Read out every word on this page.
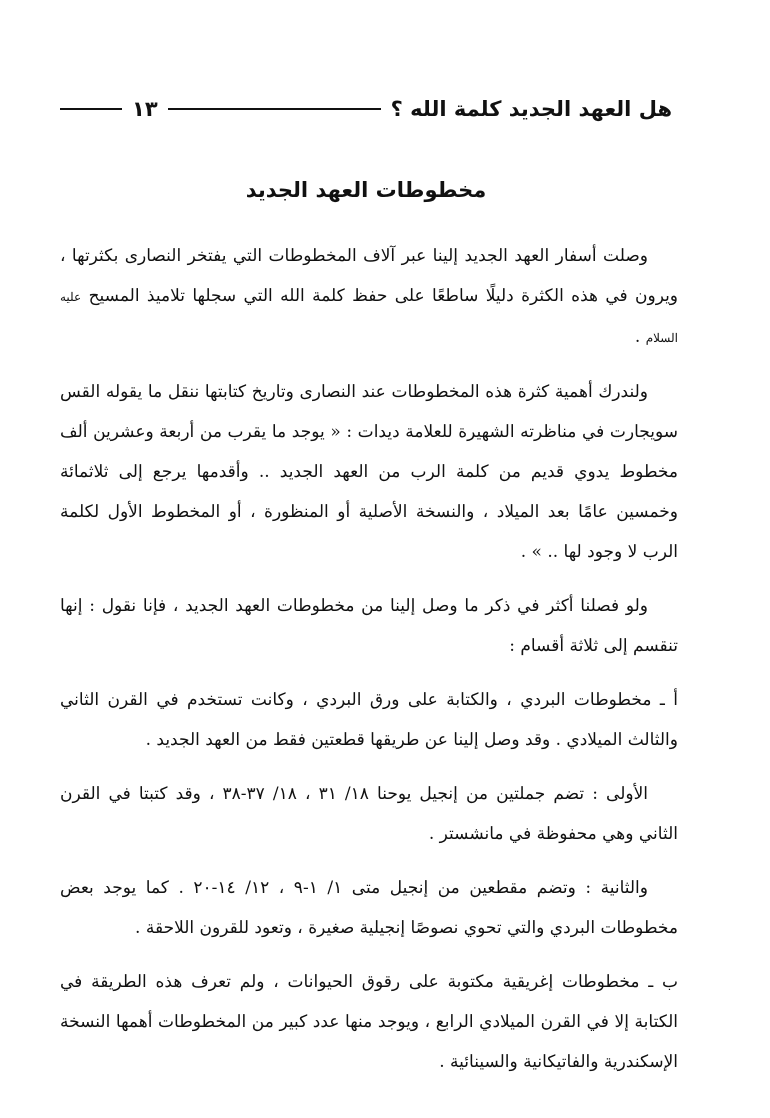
هل العهد الجديد كلمة الله ؟
١٣
مخطوطات العهد الجديد

وصلت أسفار العهد الجديد إلينا عبر آلاف المخطوطات التي يفتخر النصارى بكثرتها ، ويرون في هذه الكثرة دليلًا ساطعًا على حفظ كلمة الله التي سجلها تلاميذ المسيح عليه السلام .

ولندرك أهمية كثرة هذه المخطوطات عند النصارى وتاريخ كتابتها ننقل ما يقوله القس سويجارت في مناظرته الشهيرة للعلامة ديدات : « يوجد ما يقرب من أربعة وعشرين ألف مخطوط يدوي قديم من كلمة الرب من العهد الجديد .. وأقدمها يرجع إلى ثلاثمائة وخمسين عامًا بعد الميلاد ، والنسخة الأصلية أو المنظورة ، أو المخطوط الأول لكلمة الرب لا وجود لها .. » .

ولو فصلنا أكثر في ذكر ما وصل إلينا من مخطوطات العهد الجديد ، فإنا نقول : إنها تنقسم إلى ثلاثة أقسام :

أ ـ مخطوطات البردي ، والكتابة على ورق البردي ، وكانت تستخدم في القرن الثاني والثالث الميلادي . وقد وصل إلينا عن طريقها قطعتين فقط من العهد الجديد .

الأولى : تضم جملتين من إنجيل يوحنا ١٨/ ٣١ ، ١٨/ ٣٧-٣٨ ، وقد كتبتا في القرن الثاني وهي محفوظة في مانشستر .

والثانية : وتضم مقطعين من إنجيل متى ١/ ١-٩ ، ١٢/ ١٤-٢٠ . كما يوجد بعض مخطوطات البردي والتي تحوي نصوصًا إنجيلية صغيرة ، وتعود للقرون اللاحقة .

ب ـ مخطوطات إغريقية مكتوبة على رقوق الحيوانات ، ولم تعرف هذه الطريقة في الكتابة إلا في القرن الميلادي الرابع ، ويوجد منها عدد كبير من المخطوطات أهمها النسخة الإسكندرية والفاتيكانية والسينائية .
